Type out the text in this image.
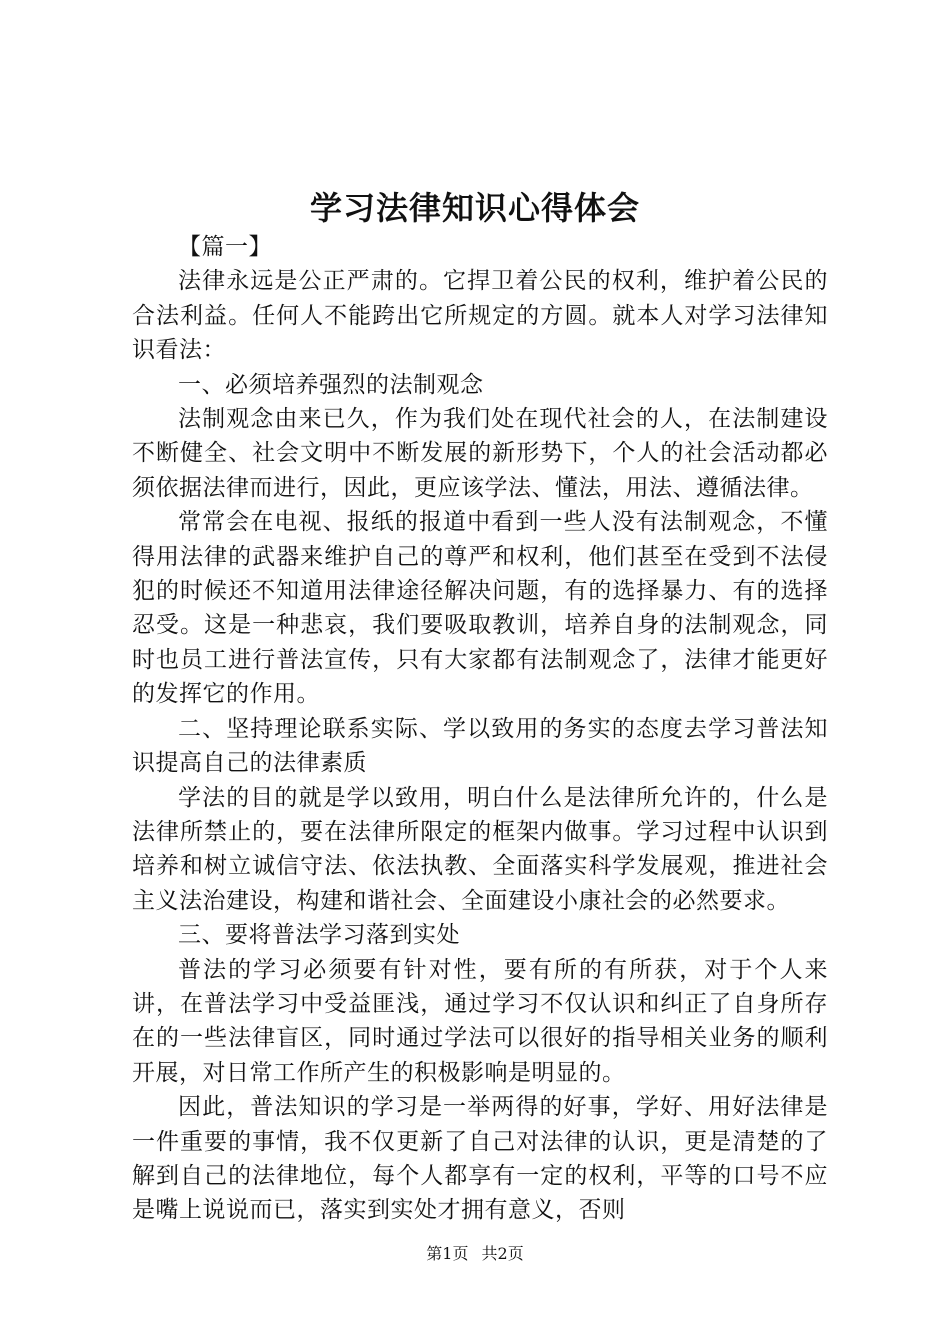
学习法律知识心得体会

【篇一】

法律永远是公正严肃的。它捍卫着公民的权利，维护着公民的合法利益。任何人不能跨出它所规定的方圆。就本人对学习法律知识看法：

一、必须培养强烈的法制观念

法制观念由来已久，作为我们处在现代社会的人，在法制建设不断健全、社会文明中不断发展的新形势下，个人的社会活动都必须依据法律而进行，因此，更应该学法、懂法，用法、遵循法律。

常常会在电视、报纸的报道中看到一些人没有法制观念，不懂得用法律的武器来维护自己的尊严和权利，他们甚至在受到不法侵犯的时候还不知道用法律途径解决问题，有的选择暴力、有的选择忍受。这是一种悲哀，我们要吸取教训，培养自身的法制观念，同时也员工进行普法宣传，只有大家都有法制观念了，法律才能更好的发挥它的作用。

二、坚持理论联系实际、学以致用的务实的态度去学习普法知识提高自己的法律素质

学法的目的就是学以致用，明白什么是法律所允许的，什么是法律所禁止的，要在法律所限定的框架内做事。学习过程中认识到培养和树立诚信守法、依法执教、全面落实科学发展观，推进社会主义法治建设，构建和谐社会、全面建设小康社会的必然要求。

三、要将普法学习落到实处

普法的学习必须要有针对性，要有所的有所获，对于个人来讲，在普法学习中受益匪浅，通过学习不仅认识和纠正了自身所存在的一些法律盲区，同时通过学法可以很好的指导相关业务的顺利开展，对日常工作所产生的积极影响是明显的。

因此，普法知识的学习是一举两得的好事，学好、用好法律是一件重要的事情，我不仅更新了自己对法律的认识，更是清楚的了解到自己的法律地位，每个人都享有一定的权利，平等的口号不应是嘴上说说而已，落实到实处才拥有意义，否则

第1页 共2页
